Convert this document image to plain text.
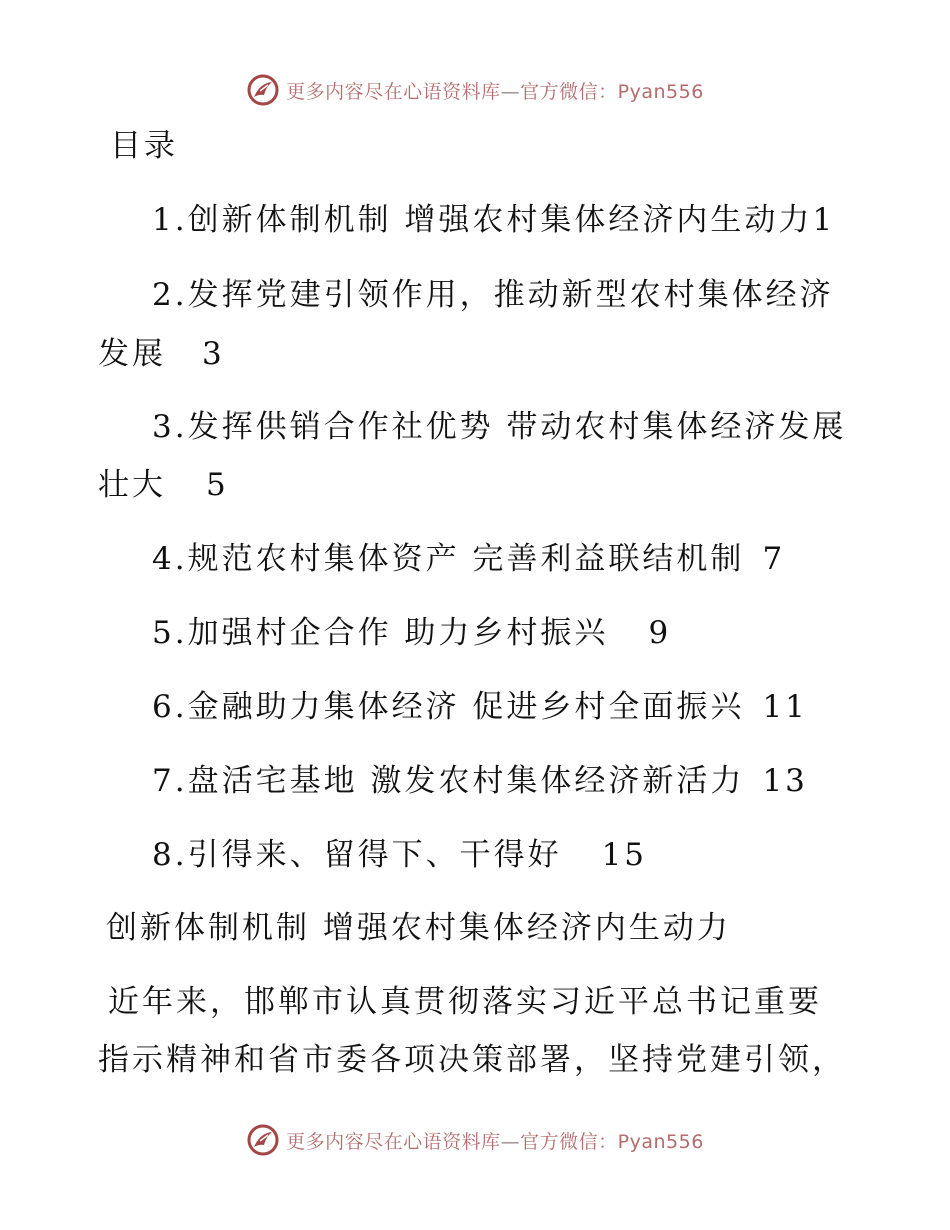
更多内容尽在心语资料库—官方微信：Pyan556
目录
1.创新体制机制 增强农村集体经济内生动力1
2.发挥党建引领作用，推动新型农村集体经济
发展 3
3.发挥供销合作社优势 带动农村集体经济发展
壮大 5
4.规范农村集体资产 完善利益联结机制 7
5.加强村企合作 助力乡村振兴 9
6.金融助力集体经济 促进乡村全面振兴 11
7.盘活宅基地 激发农村集体经济新活力 13
8.引得来、留得下、干得好 15
创新体制机制 增强农村集体经济内生动力
近年来，邯郸市认真贯彻落实习近平总书记重要
指示精神和省市委各项决策部署，坚持党建引领，
更多内容尽在心语资料库—官方微信：Pyan556
